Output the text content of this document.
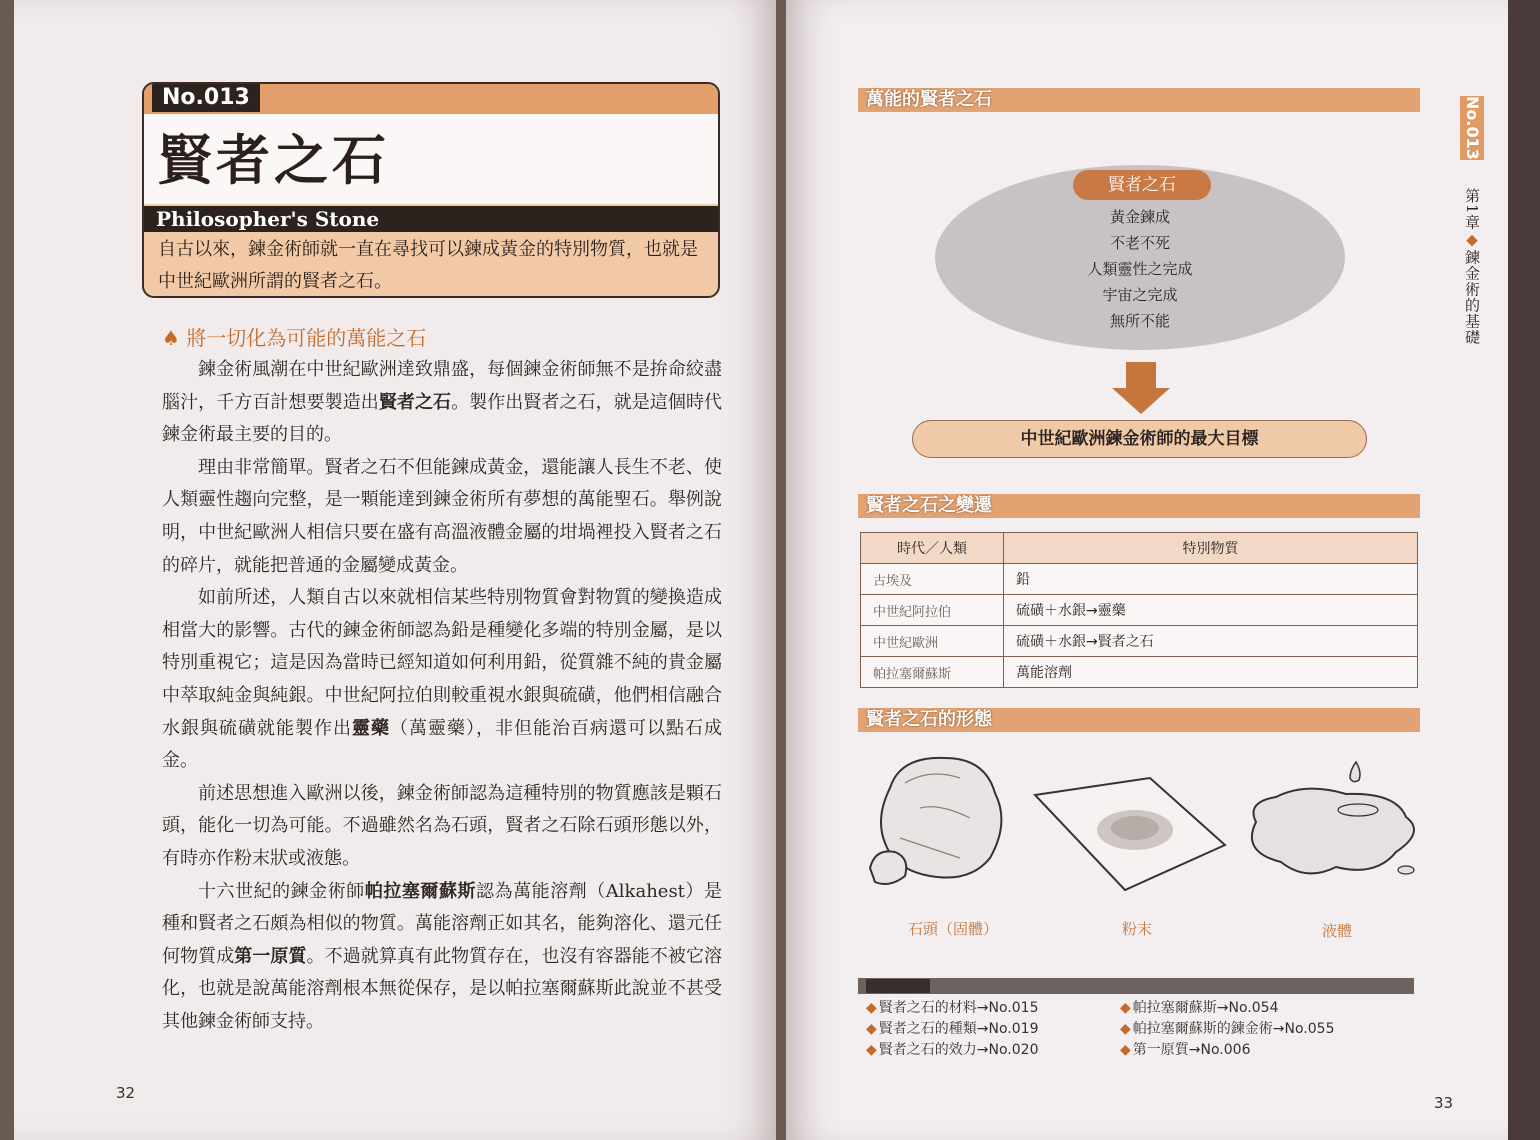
No.013
賢者之石
Philosopher's Stone
自古以來，鍊金術師就一直在尋找可以鍊成黃金的特別物質，也就是中世紀歐洲所謂的賢者之石。
♠ 將一切化為可能的萬能之石

鍊金術風潮在中世紀歐洲達致鼎盛，每個鍊金術師無不是拚命絞盡腦汁，千方百計想要製造出賢者之石。製作出賢者之石，就是這個時代鍊金術最主要的目的。

理由非常簡單。賢者之石不但能鍊成黃金，還能讓人長生不老、使人類靈性趨向完整，是一顆能達到鍊金術所有夢想的萬能聖石。舉例說明，中世紀歐洲人相信只要在盛有高溫液體金屬的坩堝裡投入賢者之石的碎片，就能把普通的金屬變成黃金。

如前所述，人類自古以來就相信某些特別物質會對物質的變換造成相當大的影響。古代的鍊金術師認為鉛是種變化多端的特別金屬，是以特別重視它；這是因為當時已經知道如何利用鉛，從質雜不純的貴金屬中萃取純金與純銀。中世紀阿拉伯則較重視水銀與硫磺，他們相信融合水銀與硫磺就能製作出靈藥（萬靈藥），非但能治百病還可以點石成金。

前述思想進入歐洲以後，鍊金術師認為這種特別的物質應該是顆石頭，能化一切為可能。不過雖然名為石頭，賢者之石除石頭形態以外，有時亦作粉末狀或液態。

十六世紀的鍊金術師帕拉塞爾蘇斯認為萬能溶劑（Alkahest）是種和賢者之石頗為相似的物質。萬能溶劑正如其名，能夠溶化、還元任何物質成第一原質。不過就算真有此物質存在，也沒有容器能不被它溶化，也就是說萬能溶劑根本無從保存，是以帕拉塞爾蘇斯此說並不甚受其他鍊金術師支持。

32
萬能的賢者之石
賢者之石
黃金鍊成
不老不死
人類靈性之完成
宇宙之完成
無所不能
中世紀歐洲鍊金術師的最大目標
賢者之石之變遷
時代／人類	特別物質
古埃及	鉛
中世紀阿拉伯	硫磺＋水銀→靈藥
中世紀歐洲	硫磺＋水銀→賢者之石
帕拉塞爾蘇斯	萬能溶劑
賢者之石的形態
石頭（固體）	粉末	液體
◆ 賢者之石的材料→No.015
◆ 賢者之石的種類→No.019
◆ 賢者之石的效力→No.020
◆ 帕拉塞爾蘇斯→No.054
◆ 帕拉塞爾蘇斯的鍊金術→No.055
◆ 第一原質→No.006
No.013
第1章◆鍊金術的基礎
33
